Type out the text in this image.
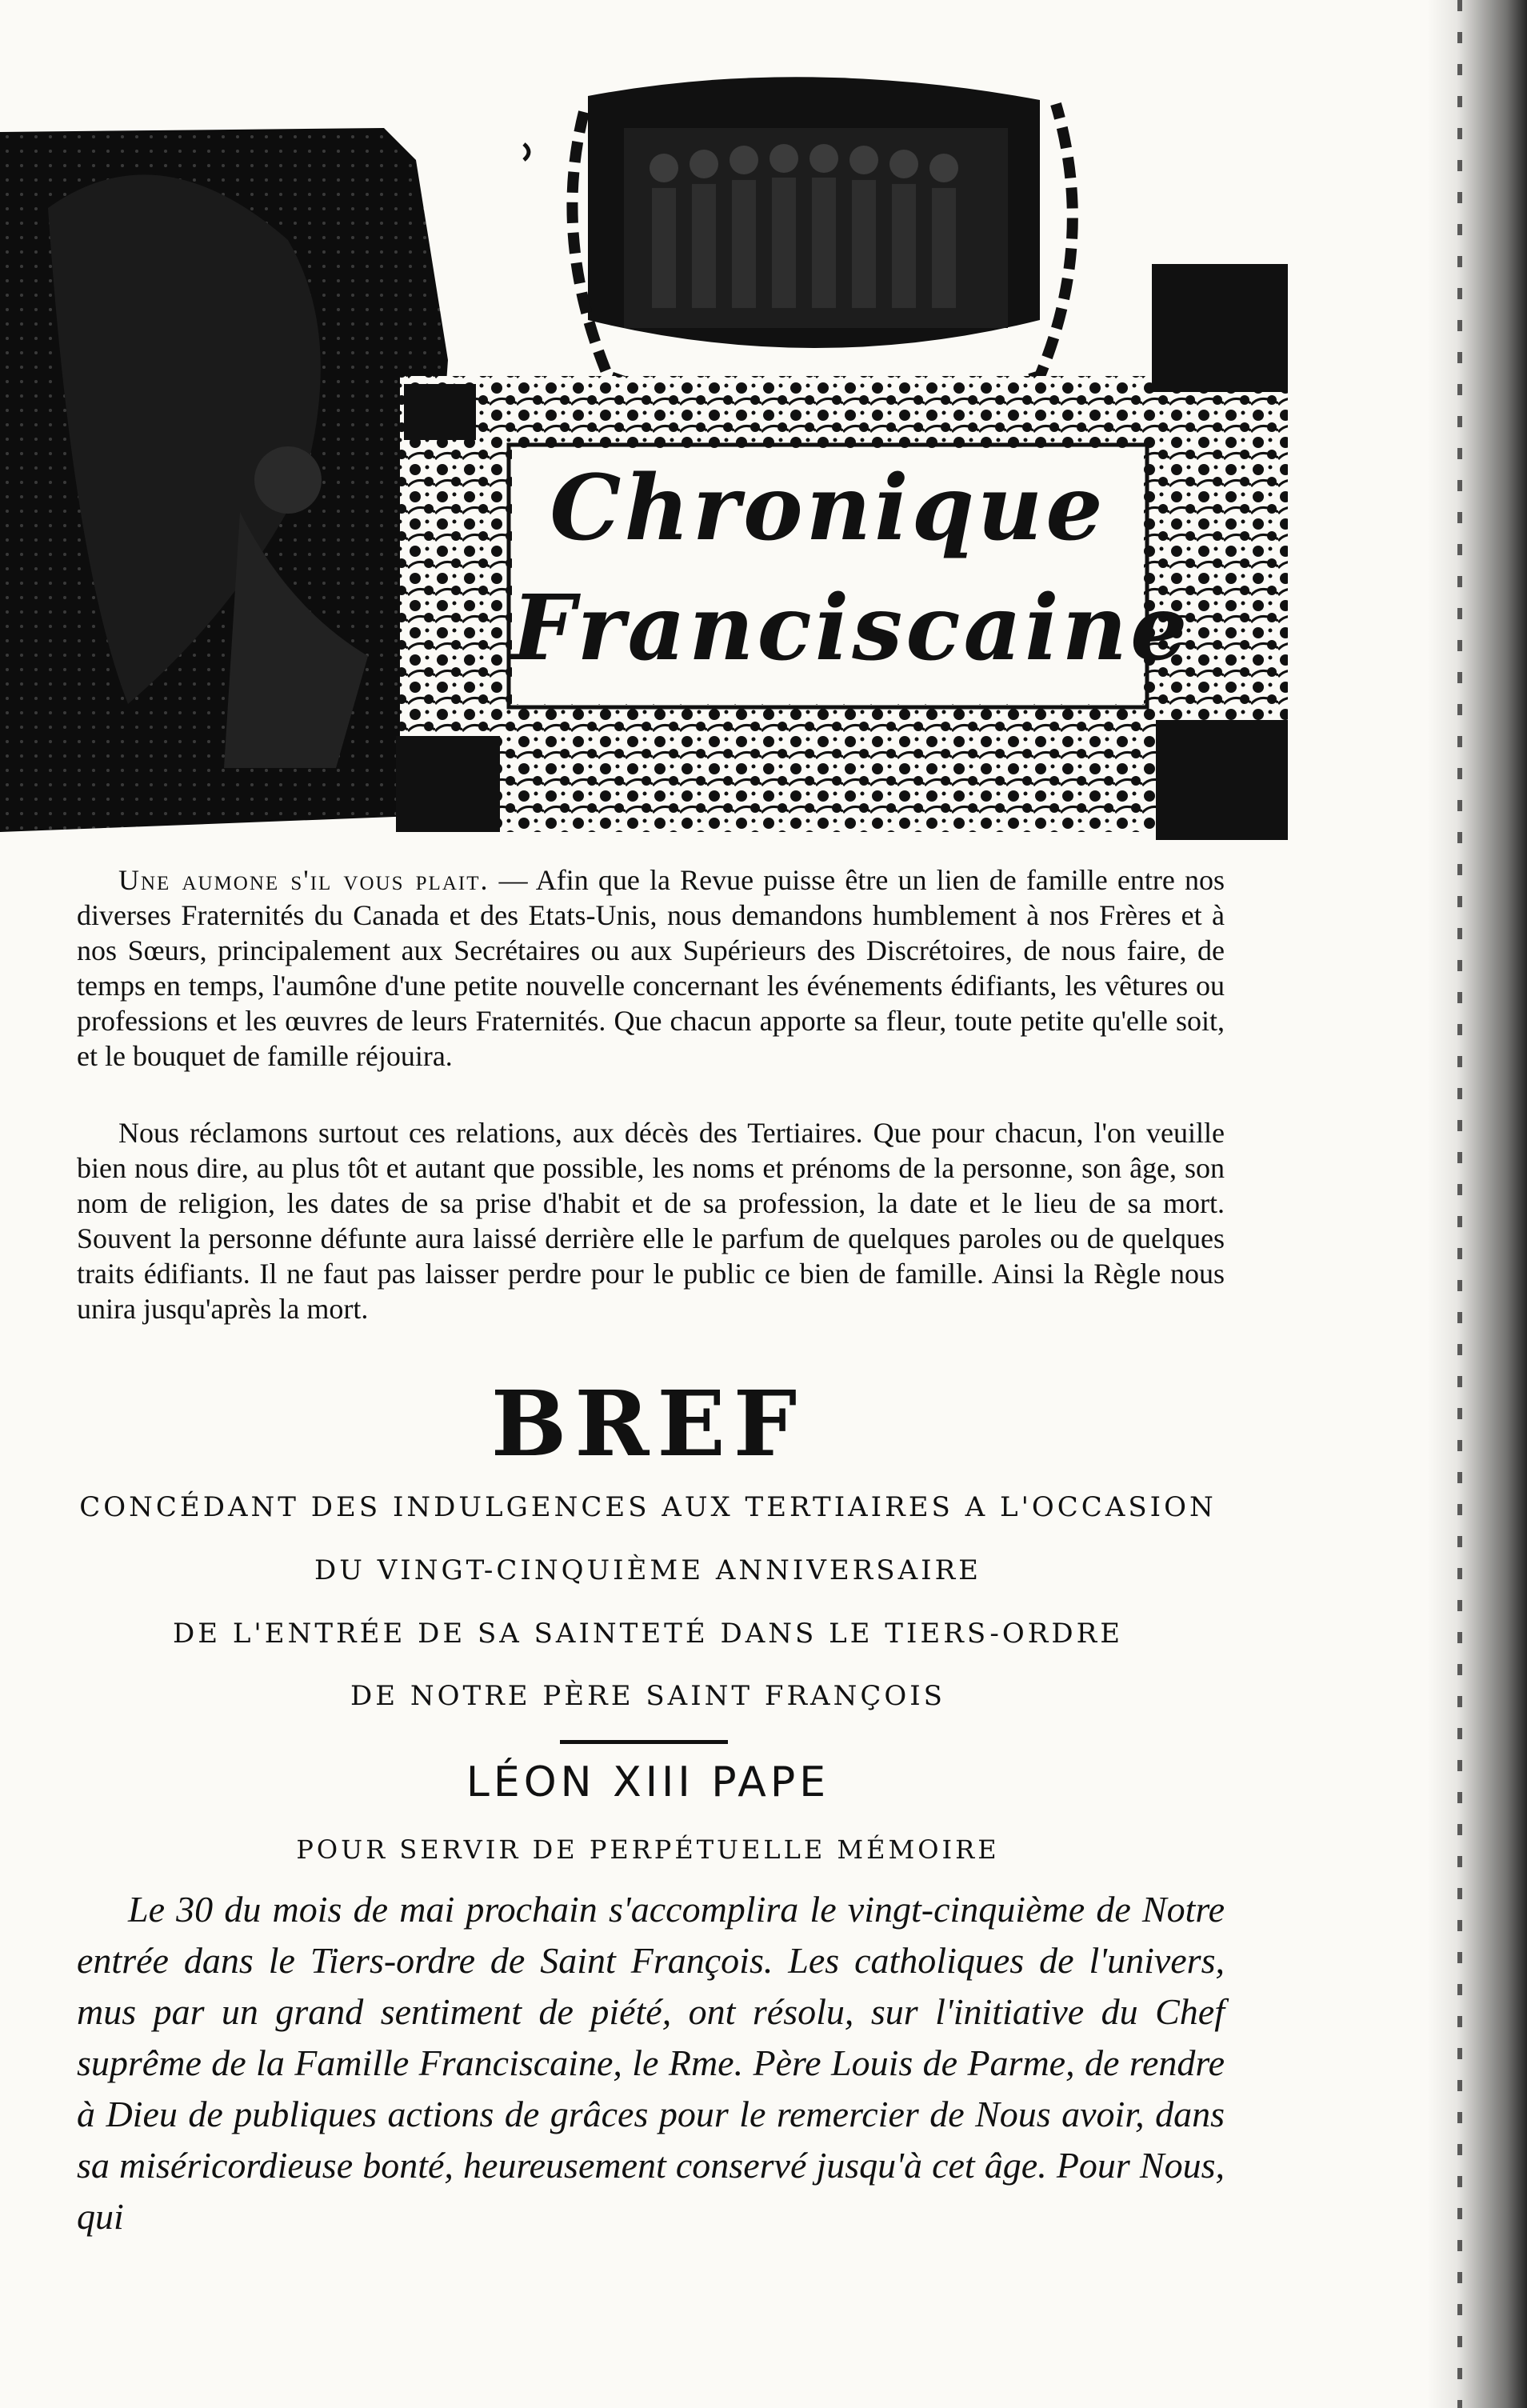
Chronique
Franciscaine
Une aumone s'il vous plait. — Afin que la Revue puisse être un lien de famille entre nos diverses Fraternités du Canada et des Etats-Unis, nous demandons humblement à nos Frères et à nos Sœurs, principalement aux Secrétaires ou aux Supérieurs des Discrétoires, de nous faire, de temps en temps, l'aumône d'une petite nouvelle concernant les événements édifiants, les vêtures ou professions et les œuvres de leurs Fraternités. Que chacun apporte sa fleur, toute petite qu'elle soit, et le bouquet de famille réjouira.
Nous réclamons surtout ces relations, aux décès des Tertiaires. Que pour chacun, l'on veuille bien nous dire, au plus tôt et autant que possible, les noms et prénoms de la personne, son âge, son nom de religion, les dates de sa prise d'habit et de sa profession, la date et le lieu de sa mort. Souvent la personne défunte aura laissé derrière elle le parfum de quelques paroles ou de quelques traits édifiants. Il ne faut pas laisser perdre pour le public ce bien de famille. Ainsi la Règle nous unira jusqu'après la mort.
BREF
CONCÉDANT DES INDULGENCES AUX TERTIAIRES A L'OCCASION
DU VINGT-CINQUIÈME ANNIVERSAIRE
DE L'ENTRÉE DE SA SAINTETÉ DANS LE TIERS-ORDRE
DE NOTRE PÈRE SAINT FRANÇOIS
LÉON XIII PAPE
POUR SERVIR DE PERPÉTUELLE MÉMOIRE
Le 30 du mois de mai prochain s'accomplira le vingt-cinquième de Notre entrée dans le Tiers-ordre de Saint François. Les catholiques de l'univers, mus par un grand sentiment de piété, ont résolu, sur l'initiative du Chef suprême de la Famille Franciscaine, le Rme. Père Louis de Parme, de rendre à Dieu de publiques actions de grâces pour le remercier de Nous avoir, dans sa miséricordieuse bonté, heureusement conservé jusqu'à cet âge. Pour Nous, qui
